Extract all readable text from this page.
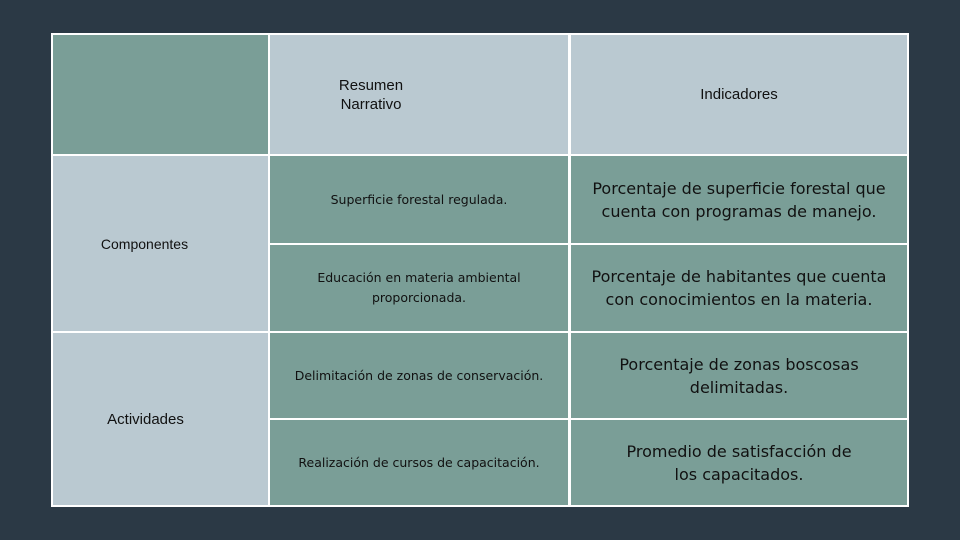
Resumen Narrativo
Indicadores
Componentes
Actividades
Superficie forestal regulada.
Porcentaje de superficie forestal que cuenta con programas de manejo.
Educación en materia ambiental proporcionada.
Porcentaje de habitantes que cuenta con conocimientos en la materia.
Delimitación de zonas de conservación.
Porcentaje de zonas boscosas delimitadas.
Realización de cursos de capacitación.
Promedio de satisfacción de los capacitados.
